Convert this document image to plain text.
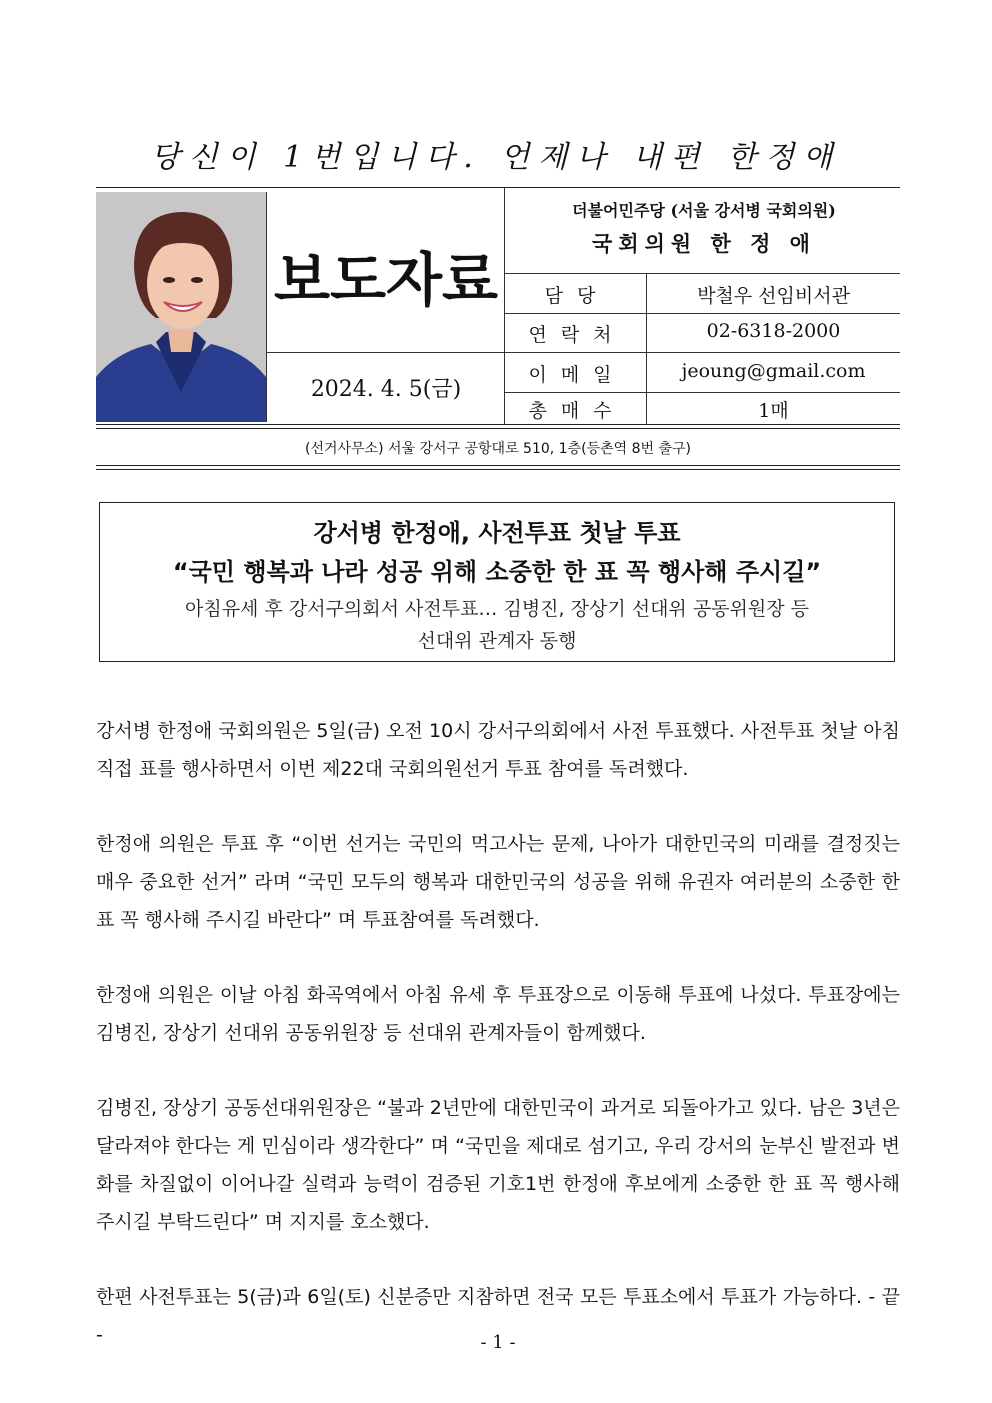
당신이 1번입니다. 언제나 내편 한정애
보도자료
2024. 4. 5(금)
더불어민주당 (서울 강서병 국회의원)
국회의원 한 정 애
담당	박철우 선임비서관
연락처	02-6318-2000
이메일	jeoung@gmail.com
총매수	1매
(선거사무소) 서울 강서구 공항대로 510, 1층(등촌역 8번 출구)
강서병 한정애, 사전투표 첫날 투표
“국민 행복과 나라 성공 위해 소중한 한 표 꼭 행사해 주시길”
아침유세 후 강서구의회서 사전투표… 김병진, 장상기 선대위 공동위원장 등
선대위 관계자 동행

강서병 한정애 국회의원은 5일(금) 오전 10시 강서구의회에서 사전 투표했다. 사전투표 첫날 아침 직접 표를 행사하면서 이번 제22대 국회의원선거 투표 참여를 독려했다.

한정애 의원은 투표 후 “이번 선거는 국민의 먹고사는 문제, 나아가 대한민국의 미래를 결정짓는 매우 중요한 선거” 라며 “국민 모두의 행복과 대한민국의 성공을 위해 유권자 여러분의 소중한 한 표 꼭 행사해 주시길 바란다” 며 투표참여를 독려했다.

한정애 의원은 이날 아침 화곡역에서 아침 유세 후 투표장으로 이동해 투표에 나섰다. 투표장에는 김병진, 장상기 선대위 공동위원장 등 선대위 관계자들이 함께했다.

김병진, 장상기 공동선대위원장은 “불과 2년만에 대한민국이 과거로 되돌아가고 있다. 남은 3년은 달라져야 한다는 게 민심이라 생각한다” 며 “국민을 제대로 섬기고, 우리 강서의 눈부신 발전과 변화를 차질없이 이어나갈 실력과 능력이 검증된 기호1번 한정애 후보에게 소중한 한 표 꼭 행사해 주시길 부탁드린다” 며 지지를 호소했다.

한편 사전투표는 5(금)과 6일(토) 신분증만 지참하면 전국 모든 투표소에서 투표가 가능하다. - 끝 -	- 1 -
